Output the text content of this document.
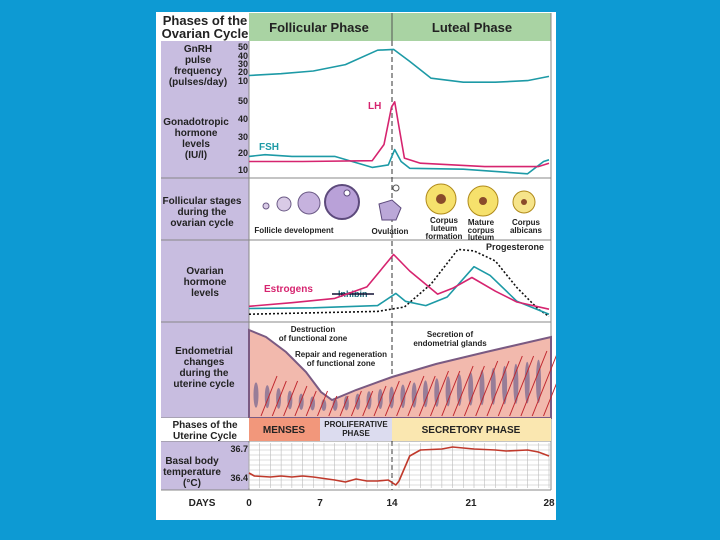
Phases of the
Ovarian Cycle Follicular Phase	Luteal Phase
GnRH
pulse
frequency
(pulses/day)
50
40
30
20
10
Gonadotropic
hormone
levels
(IU/l)
50
40
30
20
10
LH
FSH
Follicular stages
during the
ovarian cycle
Follicle development	Ovulation
Corpus
luteum
formation
Mature
corpus
luteum
Corpus
albicans
Ovarian
hormone
levels	Estrogens	Inhibin
Progesterone
Endometrial
changes
during the
uterine cycle
Destruction
of functional zone
Repair and regeneration
of functional zone
Secretion of
endometrial glands
Phases of the
Uterine Cycle
MENSES
PROLIFERATIVE
PHASE	SECRETORY PHASE
Basal body
temperature
(°C)
36.7
36.4
DAYS	0	7	14	21	28
